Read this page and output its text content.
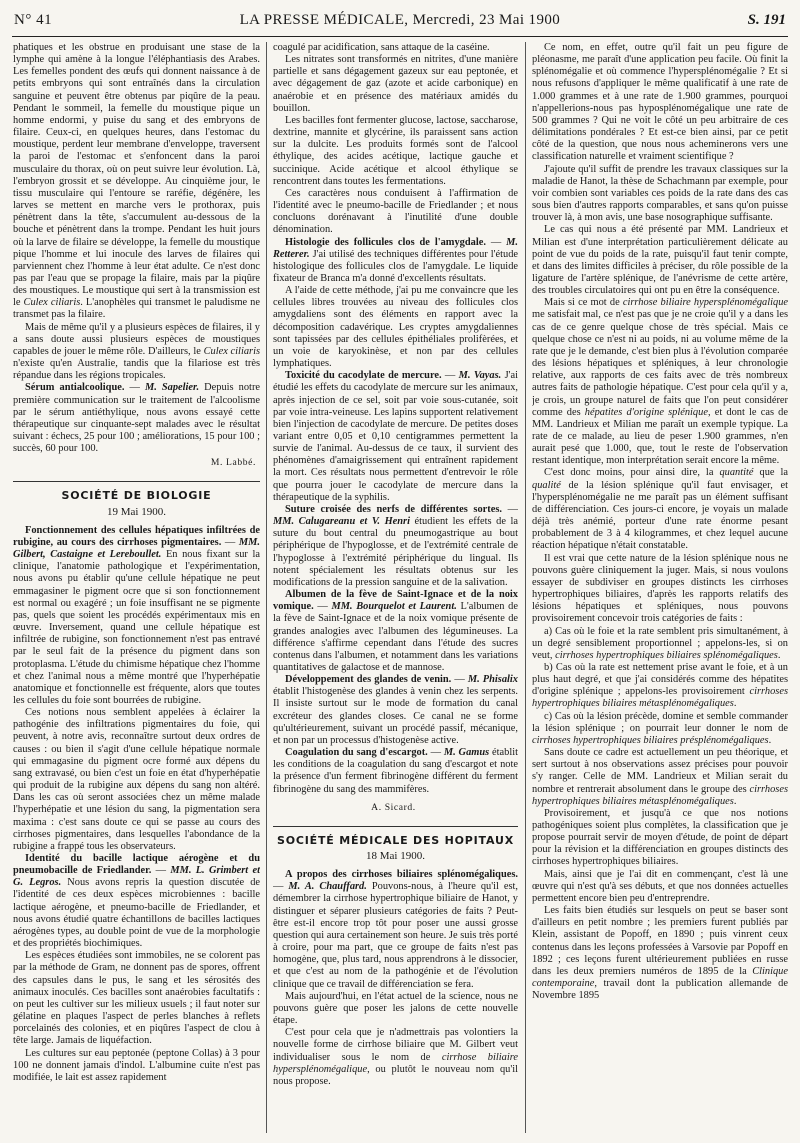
N° 41	LA PRESSE MÉDICALE, Mercredi, 23 Mai 1900	S. 191

phatiques et les obstrue en produisant une stase de la lymphe qui amène à la longue l'éléphantiasis des Arabes. Les femelles pondent des œufs qui donnent naissance à de petits embryons qui sont entraînés dans la circulation sanguine et peuvent être obtenus par piqûre de la peau. Pendant le sommeil, la femelle du moustique pique un homme endormi, y puise du sang et des embryons de filaire. Ceux-ci, en quelques heures, dans l'estomac du moustique, perdent leur membrane d'enveloppe, traversent la paroi de l'estomac et s'enfoncent dans la paroi musculaire du thorax, où on peut suivre leur évolution. Là, l'embryon grossit et se développe. Au cinquième jour, le tissu musculaire qui l'entoure se raréfie, dégénère, les larves se mettent en marche vers le prothorax, puis pénètrent dans la tête, s'accumulent au-dessous de la bouche et pénètrent dans la trompe. Pendant les huit jours où la larve de filaire se développe, la femelle du moustique pique l'homme et lui inocule des larves de filaires qui parviennent chez l'homme à leur état adulte. Ce n'est donc pas par l'eau que se propage la filaire, mais par la piqûre des moustiques. Le moustique qui sert à la transmission est le Culex ciliaris. L'anophèles qui transmet le paludisme ne transmet pas la filaire.

Mais de même qu'il y a plusieurs espèces de filaires, il y a sans doute aussi plusieurs espèces de moustiques capables de jouer le même rôle. D'ailleurs, le Culex ciliaris n'existe qu'en Australie, tandis que la filariose est très répandue dans les régions tropicales.

Sérum antialcoolique. — M. Sapelier. Depuis notre première communication sur le traitement de l'alcoolisme par le sérum antiéthylique, nous avons essayé cette thérapeutique sur cinquante-sept malades avec le résultat suivant : échecs, 25 pour 100 ; améliorations, 15 pour 100 ; succès, 60 pour 100.

M. Labbé.
SOCIÉTÉ DE BIOLOGIE
19 Mai 1900.

Fonctionnement des cellules hépatiques infiltrées de rubigine, au cours des cirrhoses pigmentaires. — MM. Gilbert, Castaigne et Lereboullet. En nous fixant sur la clinique, l'anatomie pathologique et l'expérimentation, nous avons pu établir qu'une cellule hépatique ne peut emmagasiner le pigment ocre que si son fonctionnement est normal ou exagéré ; un foie insuffisant ne se pigmente pas, quels que soient les procédés expérimentaux mis en œuvre. Inversement, quand une cellule hépatique est infiltrée de rubigine, son fonctionnement n'est pas entravé par le seul fait de la présence du pigment dans son protoplasma. L'étude du chimisme hépatique chez l'homme et chez l'animal nous a même montré que l'hyperhépatie anatomique et fonctionnelle est fréquente, alors que toutes les cellules du foie sont bourrées de rubigine.

Ces notions nous semblent appelées à éclairer la pathogénie des infiltrations pigmentaires du foie, qui peuvent, à notre avis, reconnaître surtout deux ordres de causes : ou bien il s'agit d'une cellule hépatique normale qui emmagasine du pigment ocre formé aux dépens du sang extravasé, ou bien c'est un foie en état d'hyperhépatie qui produit de la rubigine aux dépens du sang non altéré. Dans les cas où seront associées chez un même malade l'hyperhépatie et une lésion du sang, la pigmentation sera maxima : c'est sans doute ce qui se passe au cours des cirrhoses pigmentaires, dans lesquelles l'abondance de la rubigine a frappé tous les observateurs.

Identité du bacille lactique aérogène et du pneumobacille de Friedlander. — MM. L. Grimbert et G. Legros. Nous avons repris la question discutée de l'identité de ces deux espèces microbiennes : bacille lactique aérogène, et pneumo-bacille de Friedlander, et nous avons étudié quatre échantillons de bacilles lactiques aérogènes types, au double point de vue de la morphologie et des propriétés biochimiques.

Les espèces étudiées sont immobiles, ne se colorent pas par la méthode de Gram, ne donnent pas de spores, offrent des capsules dans le pus, le sang et les sérosités des animaux inoculés. Ces bacilles sont anaérobies facultatifs : on peut les cultiver sur les milieux usuels ; il faut noter sur gélatine en plaques l'aspect de perles blanches à reflets porcelainés des colonies, et en piqûres l'aspect de clou à tête large. Jamais de liquéfaction.

Les cultures sur eau peptonée (peptone Collas) à 3 pour 100 ne donnent jamais d'indol. L'albumine cuite n'est pas modifiée, le lait est assez rapidement

coagulé par acidification, sans attaque de la caséine.

Les nitrates sont transformés en nitrites, d'une manière partielle et sans dégagement gazeux sur eau peptonée, et avec dégagement de gaz (azote et acide carbonique) en anaérobie et en présence des matériaux amidés du bouillon.

Les bacilles font fermenter glucose, lactose, saccharose, dextrine, mannite et glycérine, ils paraissent sans action sur la dulcite. Les produits formés sont de l'alcool éthylique, des acides acétique, lactique gauche et succinique. Acide acétique et alcool éthylique se rencontrent dans toutes les fermentations.

Ces caractères nous conduisent à l'affirmation de l'identité avec le pneumo-bacille de Friedlander ; et nous concluons dorénavant à l'inutilité d'une double dénomination.

Histologie des follicules clos de l'amygdale. — M. Retterer. J'ai utilisé des techniques différentes pour l'étude histologique des follicules clos de l'amygdale. Le liquide fixateur de Branca m'a donné d'excellents résultats.

A l'aide de cette méthode, j'ai pu me convaincre que les cellules libres trouvées au niveau des follicules clos amygdaliens sont des éléments en rapport avec la décomposition cadavérique. Les cryptes amygdaliennes sont tapissées par des cellules épithéliales prolifèrées, et un voie de karyokinèse, et non par des cellules lymphatiques.

Toxicité du cacodylate de mercure. — M. Vayas. J'ai étudié les effets du cacodylate de mercure sur les animaux, après injection de ce sel, soit par voie sous-cutanée, soit par voie intra-veineuse. Les lapins supportent relativement bien l'injection de cacodylate de mercure. De petites doses variant entre 0,05 et 0,10 centigrammes permettent la survie de l'animal. Au-dessus de ce taux, il survient des phénomènes d'amaigrissement qui entraînent rapidement la mort. Ces résultats nous permettent d'entrevoir le rôle que pourra jouer le cacodylate de mercure dans la thérapeutique de la syphilis.

Suture croisée des nerfs de différentes sortes. — MM. Calugareanu et V. Henri étudient les effets de la suture du bout central du pneumogastrique au bout périphérique de l'hypoglosse, et de l'extrémité centrale de l'hypoglosse à l'extrémité périphérique du lingual. Ils notent spécialement les résultats obtenus sur les modifications de la pression sanguine et de la salivation.

Albumen de la fève de Saint-Ignace et de la noix vomique. — MM. Bourquelot et Laurent. L'albumen de la fève de Saint-Ignace et de la noix vomique présente de grandes analogies avec l'albumen des légumineuses. La différence s'affirme cependant dans l'étude des sucres contenus dans l'albumen, et notamment dans les variations quantitatives de galactose et de mannose.

Développement des glandes de venin. — M. Phisalix établit l'histogenèse des glandes à venin chez les serpents. Il insiste surtout sur le mode de formation du canal excréteur des glandes closes. Ce canal ne se forme qu'ultérieurement, suivant un procédé passif, mécanique, et non par un processus d'histogenèse active.

Coagulation du sang d'escargot. — M. Gamus établit les conditions de la coagulation du sang d'escargot et note la présence d'un ferment fibrinogène différent du ferment fibrinogène du sang des mammifères.

A. Sicard.
SOCIÉTÉ MÉDICALE DES HOPITAUX
18 Mai 1900.

A propos des cirrhoses biliaires splénomégaliques. — M. A. Chauffard. Pouvons-nous, à l'heure qu'il est, démembrer la cirrhose hypertrophique biliaire de Hanot, y distinguer et séparer plusieurs catégories de faits ? Peut-être est-il encore trop tôt pour poser une aussi grosse question qui aura certainement son heure. Je suis très porté à croire, pour ma part, que ce groupe de faits n'est pas homogène, que, plus tard, nous apprendrons à le dissocier, et que c'est au nom de la pathogénie et de l'évolution clinique que ce travail de différenciation se fera.

Mais aujourd'hui, en l'état actuel de la science, nous ne pouvons guère que poser les jalons de cette nouvelle étape.

C'est pour cela que je n'admettrais pas volontiers la nouvelle forme de cirrhose biliaire que M. Gilbert veut individualiser sous le nom de cirrhose biliaire hypersplénomégalique, ou plutôt le nouveau nom qu'il nous propose.

Ce nom, en effet, outre qu'il fait un peu figure de pléonasme, me paraît d'une application peu facile. Où finit la splénomégalie et où commence l'hypersplénomégalie ? Et si nous refusons d'appliquer le même qualificatif à une rate de 1.000 grammes et à une rate de 1.900 grammes, pourquoi n'appellerions-nous pas hyposplénomégalique une rate de 500 grammes ? Qui ne voit le côté un peu arbitraire de ces délimitations pondérales ? Et est-ce bien ainsi, par ce petit côté de la question, que nous nous acheminerons vers une classification naturelle et vraiment scientifique ?

J'ajoute qu'il suffit de prendre les travaux classiques sur la maladie de Hanot, la thèse de Schachmann par exemple, pour voir combien sont variables ces poids de la rate dans des cas sous bien d'autres rapports comparables, et sans qu'on puisse trouver là, à mon avis, une base nosographique suffisante.

Le cas qui nous a été présenté par MM. Landrieux et Milian est d'une interprétation particulièrement délicate au point de vue du poids de la rate, puisqu'il faut tenir compte, et dans des limites difficiles à préciser, du rôle possible de la ligature de l'artère splénique, de l'anévrisme de cette artère, des troubles circulatoires qui ont pu en être la conséquence.

Mais si ce mot de cirrhose biliaire hypersplénomégalique me satisfait mal, ce n'est pas que je ne croie qu'il y a dans les cas de ce genre quelque chose de très spécial. Mais ce quelque chose ce n'est ni au poids, ni au volume même de la rate que je le demande, c'est bien plus à l'évolution comparée des lésions hépatiques et spléniques, à leur chronologie relative, aux rapports de ces faits avec de très nombreux autres faits de pathologie hépatique. C'est pour cela qu'il y a, je crois, un groupe naturel de faits que l'on peut considérer comme des hépatites d'origine splénique, et dont le cas de MM. Landrieux et Milian me paraît un exemple typique. La rate de ce malade, au lieu de peser 1.900 grammes, n'en aurait pesé que 1.000, que, tout le reste de l'observation restant identique, mon interprétation serait encore la même.

C'est donc moins, pour ainsi dire, la quantité que la qualité de la lésion splénique qu'il faut envisager, et l'hypersplénomégalie ne me paraît pas un élément suffisant de différenciation. Ces jours-ci encore, je voyais un malade déjà très anémié, porteur d'une rate énorme pesant probablement de 3 à 4 kilogrammes, et chez lequel aucune réaction hépatique n'était constatable.

Il est vrai que cette nature de la lésion splénique nous ne pouvons guère cliniquement la juger. Mais, si nous voulons essayer de subdiviser en groupes distincts les cirrhoses hypertrophiques biliaires, d'après les rapports relatifs des lésions hépatiques et spléniques, nous pouvons provisoirement concevoir trois catégories de faits :

a) Cas où le foie et la rate semblent pris simultanément, à un degré sensiblement proportionnel ; appelons-les, si on veut, cirrhoses hypertrophiques biliaires splénomégaliques.

b) Cas où la rate est nettement prise avant le foie, et à un plus haut degré, et que j'ai considérés comme des hépatites d'origine splénique ; appelons-les provisoirement cirrhoses hypertrophiques biliaires métasplénomégaliques.

c) Cas où la lésion précède, domine et semble commander la lésion splénique ; on pourrait leur donner le nom de cirrhoses hypertrophiques biliaires présplénomégaliques.

Sans doute ce cadre est actuellement un peu théorique, et sert surtout à nos observations assez précises pour pouvoir s'y ranger. Celle de MM. Landrieux et Milian serait du nombre et rentrerait absolument dans le groupe des cirrhoses hypertrophiques biliaires métasplénomégaliques.

Provisoirement, et jusqu'à ce que nos notions pathogéniques soient plus complètes, la classification que je propose pourrait servir de moyen d'étude, de point de départ pour la révision et la différenciation en groupes distincts des cirrhoses hypertrophiques biliaires.

Mais, ainsi que je l'ai dit en commençant, c'est là une œuvre qui n'est qu'à ses débuts, et que nos données actuelles permettent encore bien peu d'entreprendre.

Les faits bien étudiés sur lesquels on peut se baser sont d'ailleurs en petit nombre ; les premiers furent publiés par Klein, assistant de Popoff, en 1890 ; puis vinrent ceux contenus dans les leçons professées à Varsovie par Popoff en 1892 ; ces leçons furent ultérieurement publiées en russe dans les deux premiers numéros de 1895 de la Clinique contemporaine, travail dont la publication allemande de Novembre 1895
